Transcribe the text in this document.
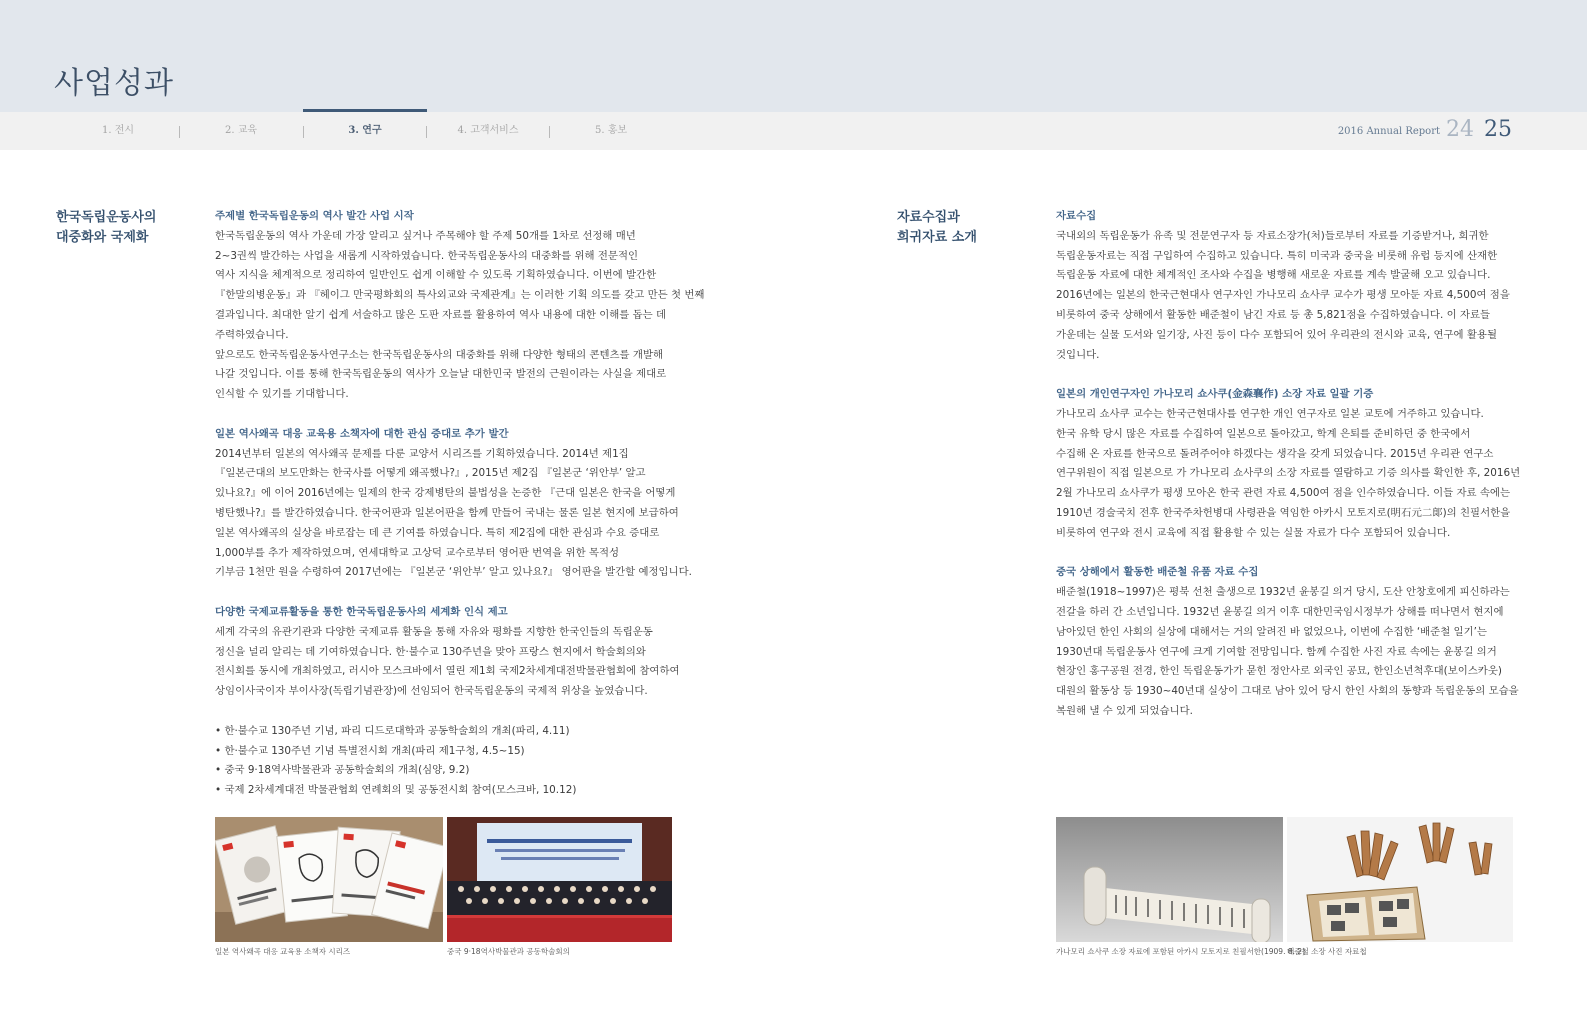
사업성과
1. 전시	2. 교육	3. 연구	4. 고객서비스	5. 홍보	2016 Annual Report 24 25
한국독립운동사의
대중화와 국제화

주제별 한국독립운동의 역사 발간 사업 시작

한국독립운동의 역사 가운데 가장 알리고 싶거나 주목해야 할 주제 50개를 1차로 선정해 매년

2~3권씩 발간하는 사업을 새롭게 시작하였습니다. 한국독립운동사의 대중화를 위해 전문적인

역사 지식을 체계적으로 정리하여 일반인도 쉽게 이해할 수 있도록 기획하였습니다. 이번에 발간한

『한말의병운동』과 『헤이그 만국평화회의 특사외교와 국제관계』는 이러한 기획 의도를 갖고 만든 첫 번째

결과입니다. 최대한 알기 쉽게 서술하고 많은 도판 자료를 활용하여 역사 내용에 대한 이해를 돕는 데

주력하였습니다.

앞으로도 한국독립운동사연구소는 한국독립운동사의 대중화를 위해 다양한 형태의 콘텐츠를 개발해

나갈 것입니다. 이를 통해 한국독립운동의 역사가 오늘날 대한민국 발전의 근원이라는 사실을 제대로

인식할 수 있기를 기대합니다.

일본 역사왜곡 대응 교육용 소책자에 대한 관심 증대로 추가 발간

2014년부터 일본의 역사왜곡 문제를 다룬 교양서 시리즈를 기획하였습니다. 2014년 제1집

『일본근대의 보도만화는 한국사를 어떻게 왜곡했나?』, 2015년 제2집 『일본군 ‘위안부’ 알고

있나요?』에 이어 2016년에는 일제의 한국 강제병탄의 불법성을 논증한 『근대 일본은 한국을 어떻게

병탄했나?』를 발간하였습니다. 한국어판과 일본어판을 함께 만들어 국내는 물론 일본 현지에 보급하여

일본 역사왜곡의 실상을 바로잡는 데 큰 기여를 하였습니다. 특히 제2집에 대한 관심과 수요 증대로

1,000부를 추가 제작하였으며, 연세대학교 고상덕 교수로부터 영어판 번역을 위한 목적성

기부금 1천만 원을 수령하여 2017년에는 『일본군 ‘위안부’ 알고 있나요?』 영어판을 발간할 예정입니다.

다양한 국제교류활동을 통한 한국독립운동사의 세계화 인식 제고

세계 각국의 유관기관과 다양한 국제교류 활동을 통해 자유와 평화를 지향한 한국인들의 독립운동

정신을 널리 알리는 데 기여하였습니다. 한·불수교 130주년을 맞아 프랑스 현지에서 학술회의와

전시회를 동시에 개최하였고, 러시아 모스크바에서 열린 제1회 국제2차세계대전박물관협회에 참여하여

상임이사국이자 부이사장(독립기념관장)에 선임되어 한국독립운동의 국제적 위상을 높였습니다.

• 한·불수교 130주년 기념, 파리 디드로대학과 공동학술회의 개최(파리, 4.11)
• 한·불수교 130주년 기념 특별전시회 개최(파리 제1구청, 4.5~15)
• 중국 9·18역사박물관과 공동학술회의 개최(심양, 9.2)
• 국제 2차세계대전 박물관협회 연례회의 및 공동전시회 참여(모스크바, 10.12)
일본 역사왜곡 대응 교육용 소책자 시리즈	중국 9·18역사박물관과 공동학술회의
자료수집과
희귀자료 소개

자료수집

국내외의 독립운동가 유족 및 전문연구자 등 자료소장가(처)들로부터 자료를 기증받거나, 희귀한

독립운동자료는 직접 구입하여 수집하고 있습니다. 특히 미국과 중국을 비롯해 유럽 등지에 산재한

독립운동 자료에 대한 체계적인 조사와 수집을 병행해 새로운 자료를 계속 발굴해 오고 있습니다.

2016년에는 일본의 한국근현대사 연구자인 가나모리 쇼사쿠 교수가 평생 모아둔 자료 4,500여 점을

비롯하여 중국 상해에서 활동한 배준철이 남긴 자료 등 총 5,821점을 수집하였습니다. 이 자료들

가운데는 실물 도서와 일기장, 사진 등이 다수 포함되어 있어 우리관의 전시와 교육, 연구에 활용될

것입니다.

일본의 개인연구자인 가나모리 쇼사쿠(金森襄作) 소장 자료 일괄 기증

가나모리 쇼사쿠 교수는 한국근현대사를 연구한 개인 연구자로 일본 교토에 거주하고 있습니다.

한국 유학 당시 많은 자료를 수집하여 일본으로 돌아갔고, 학계 은퇴를 준비하던 중 한국에서

수집해 온 자료를 한국으로 돌려주어야 하겠다는 생각을 갖게 되었습니다. 2015년 우리관 연구소

연구위원이 직접 일본으로 가 가나모리 쇼사쿠의 소장 자료를 열람하고 기증 의사를 확인한 후, 2016년

2월 가나모리 쇼사쿠가 평생 모아온 한국 관련 자료 4,500여 점을 인수하였습니다. 이들 자료 속에는

1910년 경술국치 전후 한국주차헌병대 사령관을 역임한 아카시 모토지로(明石元二郞)의 친필서한을

비롯하여 연구와 전시 교육에 직접 활용할 수 있는 실물 자료가 다수 포함되어 있습니다.

중국 상해에서 활동한 배준철 유품 자료 수집

배준철(1918~1997)은 평북 선천 출생으로 1932년 윤봉길 의거 당시, 도산 안창호에게 피신하라는

전갈을 하러 간 소년입니다. 1932년 윤봉길 의거 이후 대한민국임시정부가 상해를 떠나면서 현지에

남아있던 한인 사회의 실상에 대해서는 거의 알려진 바 없었으나, 이번에 수집한 ‘배준철 일기’는

1930년대 독립운동사 연구에 크게 기여할 전망입니다. 함께 수집한 사진 자료 속에는 윤봉길 의거

현장인 홍구공원 전경, 한인 독립운동가가 묻힌 정안사로 외국인 공묘, 한인소년척후대(보이스카웃)

대원의 활동상 등 1930~40년대 실상이 그대로 남아 있어 당시 한인 사회의 동향과 독립운동의 모습을

복원해 낼 수 있게 되었습니다.

가나모리 쇼사쿠 소장 자료에 포함된 아카시 모토지로 친필서한(1909. 8. 2)
배준철 소장 사진 자료첩
